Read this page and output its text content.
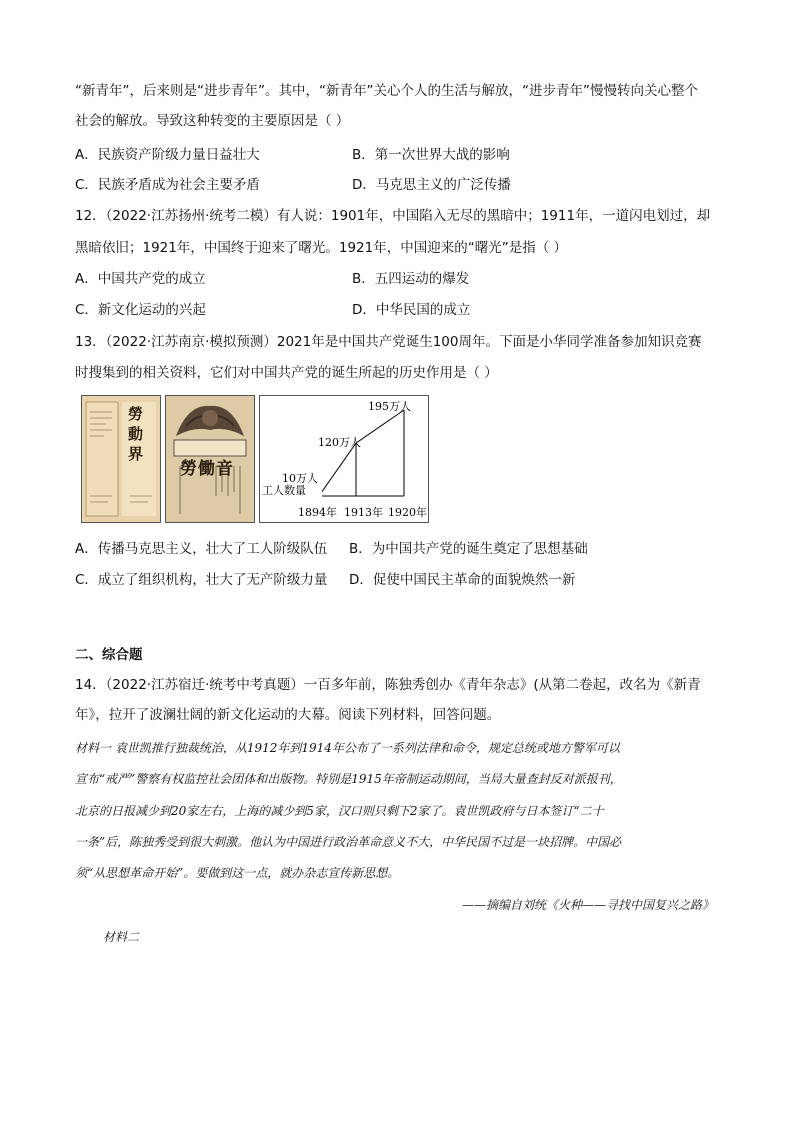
“新青年”，后来则是“进步青年”。其中，“新青年”关心个人的生活与解放，“进步青年”慢慢转向关心整个
社会的解放。导致这种转变的主要原因是（ ）
A．民族资产阶级力量日益壮大	B．第一次世界大战的影响
C．民族矛盾成为社会主要矛盾	D．马克思主义的广泛传播
12．（2022·江苏扬州·统考二模）有人说：1901年，中国陷入无尽的黑暗中；1911年，一道闪电划过，却
黑暗依旧；1921年，中国终于迎来了曙光。1921年，中国迎来的“曙光”是指（ ）
A．中国共产党的成立	B．五四运动的爆发
C．新文化运动的兴起	D．中华民国的成立
13．（2022·江苏南京·模拟预测）2021年是中国共产党诞生100周年。下面是小华同学准备参加知识竞赛
时搜集到的相关资料，它们对中国共产党的诞生所起的历史作用是（ ）
勞動界
勞働音	10万人
120万人
195万人
工人数量
1894年 1913年 1920年
A．传播马克思主义，壮大了工人阶级队伍 B．为中国共产党的诞生奠定了思想基础
C．成立了组织机构，壮大了无产阶级力量 D．促使中国民主革命的面貌焕然一新
二、综合题
14．（2022·江苏宿迁·统考中考真题）一百多年前，陈独秀创办《青年杂志》(从第二卷起，改名为《新青
年》，拉开了波澜壮阔的新文化运动的大幕。阅读下列材料，回答问题。
材料一 袁世凯推行独裁统治，从1912年到1914年公布了一系列法律和命令，规定总统或地方警军可以
宣布“戒严”警察有权监控社会团体和出版物。特别是1915年帝制运动期间，当局大量查封反对派报刊，
北京的日报减少到20家左右，上海的减少到5家，汉口则只剩下2家了。袁世凯政府与日本签订“二十
一条”后，陈独秀受到很大刺激。他认为中国进行政治革命意义不大，中华民国不过是一块招牌。中国必
须“从思想革命开始”。要做到这一点，就办杂志宣传新思想。
——摘编自刘统《火种——寻找中国复兴之路》
材料二
